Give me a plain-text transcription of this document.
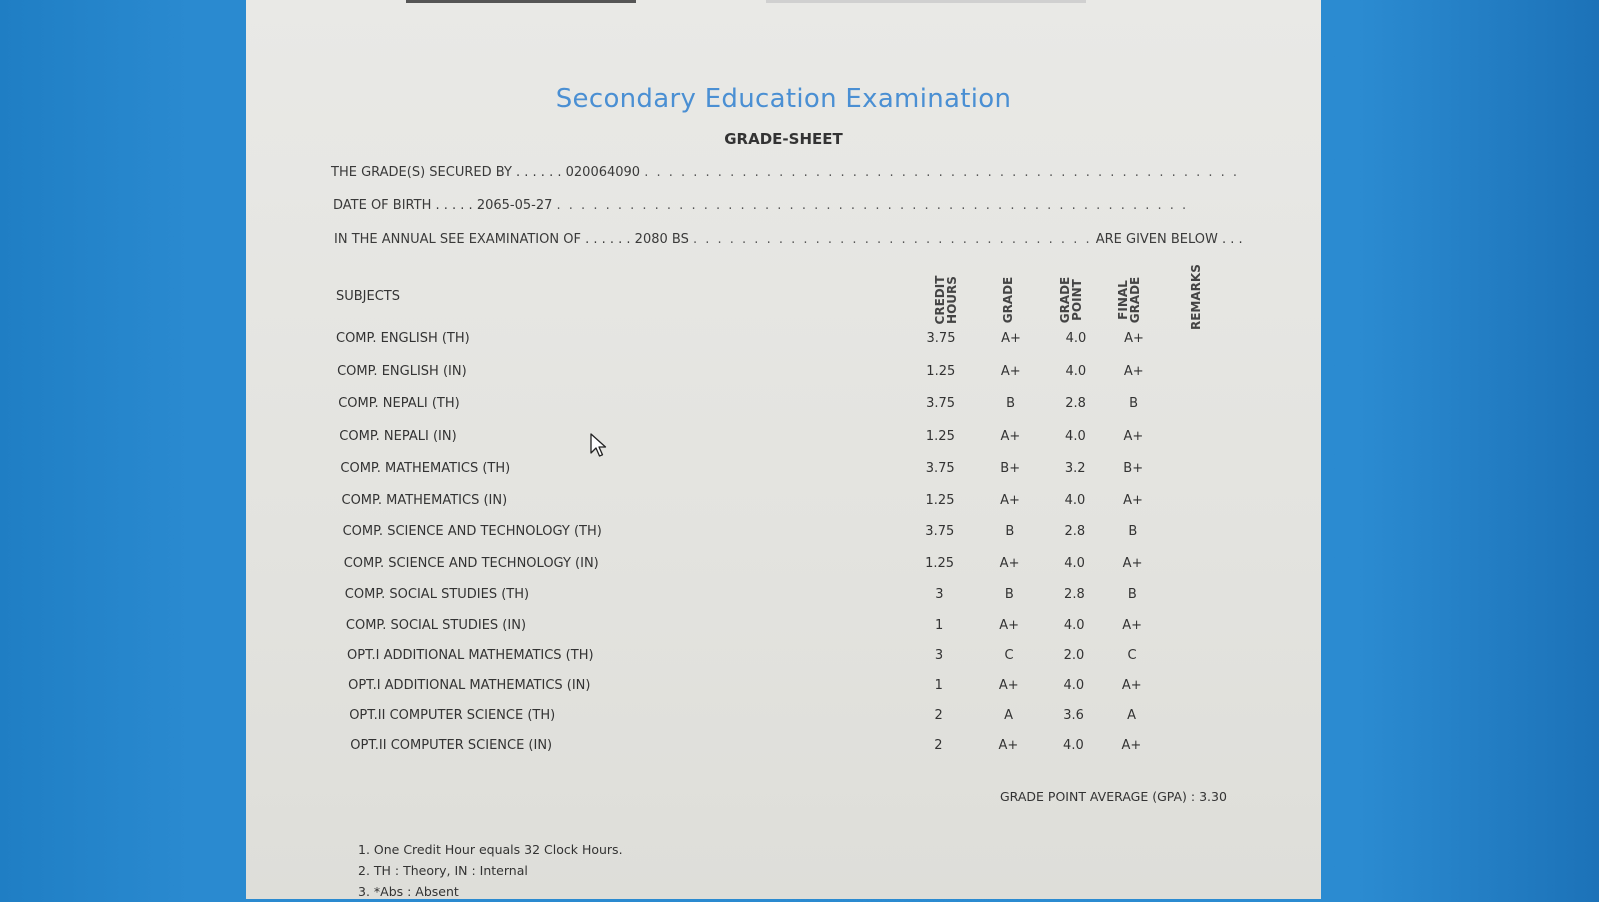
Secondary Education Examination
GRADE-SHEET
THE GRADE(S) SECURED BY . . . . . . 020064090 . . . . . . . . . . . . . . . . . . . . . . . . . . . . . . . . . . . . . . . . . . . . . . . . .
DATE OF BIRTH . . . . . 2065-05-27 . . . . . . . . . . . . . . . . . . . . . . . . . . . . . . . . . . . . . . . . . . . . . . . . . . . .
IN THE ANNUAL SEE EXAMINATION OF . . . . . . 2080 BS . . . . . . . . . . . . . . . . . . . . . . . . . . . . . . . . . ARE GIVEN BELOW . . .
SUBJECTS	CREDIT HOURS	GRADE	GRADE POINT	FINAL GRADE	REMARKS
COMP. ENGLISH (TH)	3.75	A+	4.0	A+
COMP. ENGLISH (IN)	1.25	A+	4.0	A+
COMP. NEPALI (TH)	3.75	B	2.8	B
COMP. NEPALI (IN)	1.25	A+	4.0	A+
COMP. MATHEMATICS (TH)	3.75	B+	3.2	B+
COMP. MATHEMATICS (IN)	1.25	A+	4.0	A+
COMP. SCIENCE AND TECHNOLOGY (TH)	3.75	B	2.8	B
COMP. SCIENCE AND TECHNOLOGY (IN)	1.25	A+	4.0	A+
COMP. SOCIAL STUDIES (TH)	3	B	2.8	B
COMP. SOCIAL STUDIES (IN)	1	A+	4.0	A+
OPT.I ADDITIONAL MATHEMATICS (TH)	3	C	2.0	C
OPT.I ADDITIONAL MATHEMATICS (IN)	1	A+	4.0	A+
OPT.II COMPUTER SCIENCE (TH)	2	A	3.6	A
OPT.II COMPUTER SCIENCE (IN)	2	A+	4.0	A+
GRADE POINT AVERAGE (GPA) : 3.30
1. One Credit Hour equals 32 Clock Hours.
2. TH : Theory, IN : Internal
3. *Abs : Absent
